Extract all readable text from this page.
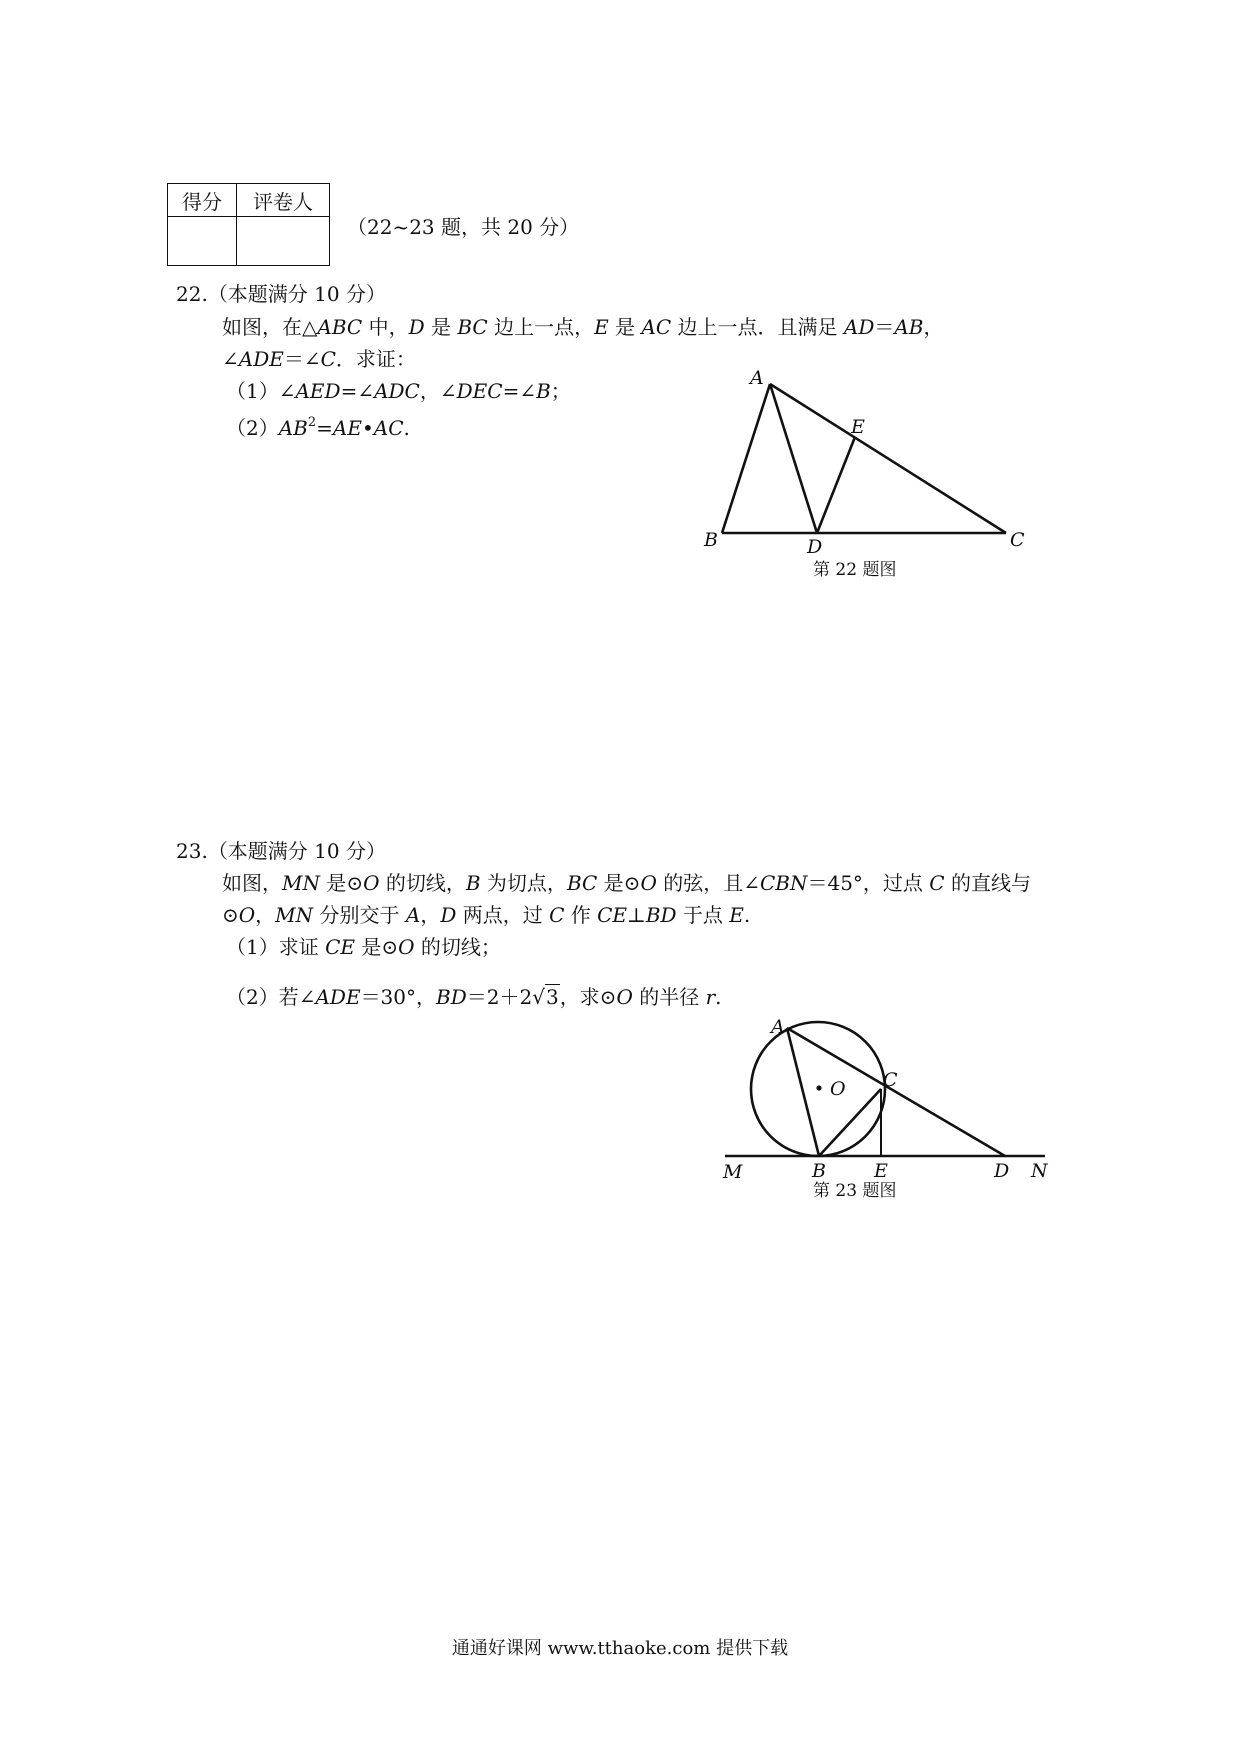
得分	评卷人

（22~23 题，共 20 分）
22.（本题满分 10 分）
如图，在△ABC 中，D 是 BC 边上一点，E 是 AC 边上一点．且满足 AD＝AB，
∠ADE＝∠C．求证：
（1）∠AED=∠ADC，∠DEC=∠B；
$(2)AB^2=AE•AC$.
A
B	C
D
E
第 22 题图
23.（本题满分 10 分）
如图，MN 是⊙O 的切线，B 为切点，BC 是⊙O 的弦，且∠CBN＝45°，过点 C 的直线与
⊙O，MN 分别交于 A，D 两点，过 C 作 CE⊥BD 于点 E.
（1）求证 CE 是⊙O 的切线；
（2）若∠ADE＝30°，BD＝2＋2√3，求⊙O 的半径 r.
A
C
O
M	B	E	D N
第 23 题图
通通好课网 www.tthaoke.com 提供下载
